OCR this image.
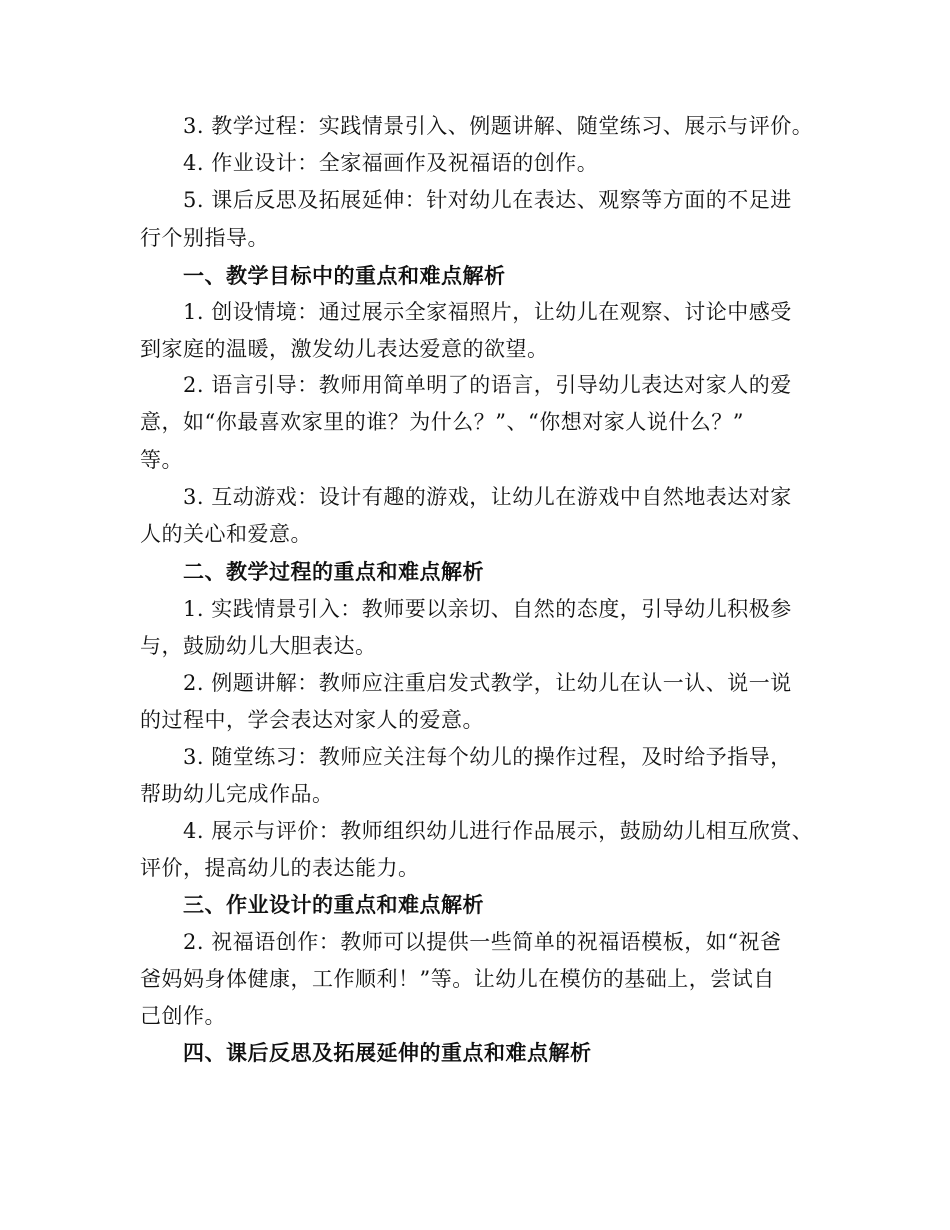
3. 教学过程：实践情景引入、例题讲解、随堂练习、展示与评价。
4. 作业设计：全家福画作及祝福语的创作。
5. 课后反思及拓展延伸：针对幼儿在表达、观察等方面的不足进
行个别指导。
一、教学目标中的重点和难点解析
1. 创设情境：通过展示全家福照片，让幼儿在观察、讨论中感受
到家庭的温暖，激发幼儿表达爱意的欲望。
2. 语言引导：教师用简单明了的语言，引导幼儿表达对家人的爱
意，如“你最喜欢家里的谁？为什么？”、“你想对家人说什么？”
等。
3. 互动游戏：设计有趣的游戏，让幼儿在游戏中自然地表达对家
人的关心和爱意。
二、教学过程的重点和难点解析
1. 实践情景引入：教师要以亲切、自然的态度，引导幼儿积极参
与，鼓励幼儿大胆表达。
2. 例题讲解：教师应注重启发式教学，让幼儿在认一认、说一说
的过程中，学会表达对家人的爱意。
3. 随堂练习：教师应关注每个幼儿的操作过程，及时给予指导，
帮助幼儿完成作品。
4. 展示与评价：教师组织幼儿进行作品展示，鼓励幼儿相互欣赏、
评价，提高幼儿的表达能力。
三、作业设计的重点和难点解析
2. 祝福语创作：教师可以提供一些简单的祝福语模板，如“祝爸
爸妈妈身体健康，工作顺利！”等。让幼儿在模仿的基础上，尝试自
己创作。
四、课后反思及拓展延伸的重点和难点解析
